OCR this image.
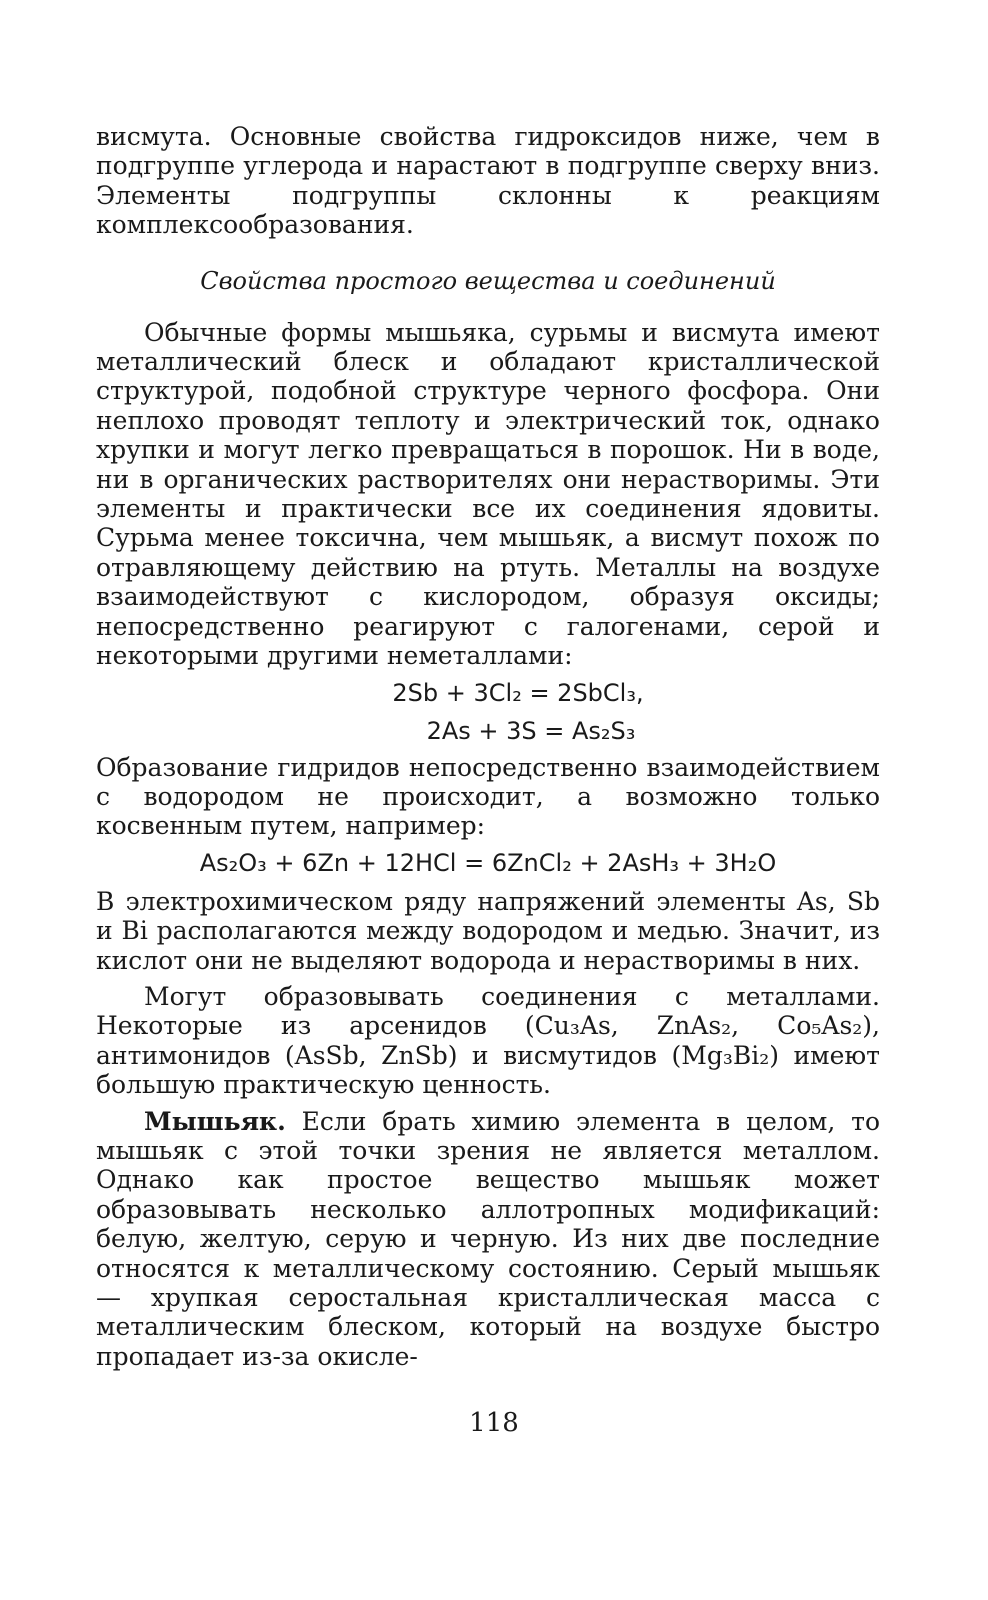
висмута. Основные свойства гидроксидов ниже, чем в подгруппе углерода и нарастают в подгруппе сверху вниз. Элементы подгруппы склонны к реакциям комплексообразования.

Свойства простого вещества и соединений

Обычные формы мышьяка, сурьмы и висмута имеют металлический блеск и обладают кристаллической структурой, подобной структуре черного фосфора. Они неплохо проводят теплоту и электрический ток, однако хрупки и могут легко превращаться в порошок. Ни в воде, ни в органических растворителях они нерастворимы. Эти элементы и практически все их соединения ядовиты. Сурьма менее токсична, чем мышьяк, а висмут похож по отравляющему действию на ртуть. Металлы на воздухе взаимодействуют с кислородом, образуя оксиды; непосредственно реагируют с галогенами, серой и некоторыми другими неметаллами:

2Sb + 3Cl₂ = 2SbCl₃,
2As + 3S = As₂S₃

Образование гидридов непосредственно взаимодействием с водородом не происходит, а возможно только косвенным путем, например:

As₂O₃ + 6Zn + 12HCl = 6ZnCl₂ + 2AsH₃ + 3H₂O

В электрохимическом ряду напряжений элементы As, Sb и Bi располагаются между водородом и медью. Значит, из кислот они не выделяют водорода и нерастворимы в них.

Могут образовывать соединения с металлами. Некоторые из арсенидов (Cu₃As, ZnAs₂, Co₅As₂), антимонидов (AsSb, ZnSb) и висмутидов (Mg₃Bi₂) имеют большую практическую ценность.

Мышьяк. Если брать химию элемента в целом, то мышьяк с этой точки зрения не является металлом. Однако как простое вещество мышьяк может образовывать несколько аллотропных модификаций: белую, желтую, серую и черную. Из них две последние относятся к металлическому состоянию. Серый мышьяк — хрупкая серостальная кристаллическая масса с металлическим блеском, который на воздухе быстро пропадает из-за окисле-

118
